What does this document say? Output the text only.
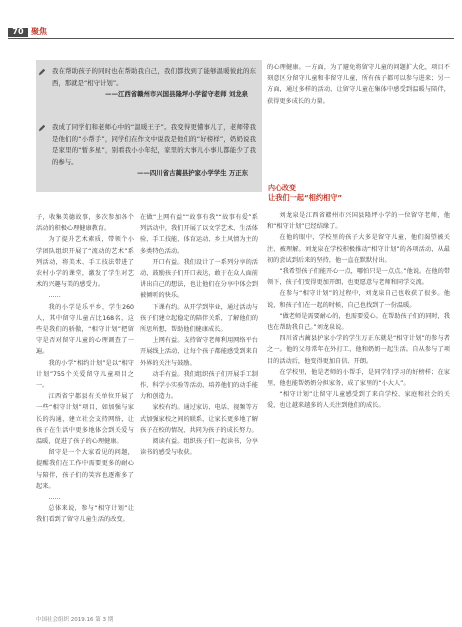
70 聚焦
我在帮助孩子的同时也在帮助我自己，我们都找到了能够温暖彼此的东西，那就是“相守计划”。
——江西省赣州市兴国县隆坪小学留守老师 刘龙泉
我成了同学们和老师心中的“温暖王子”。我变得更懂事儿了，老师带我是他们的“小帮手”，同学们在作文中说我是他们的“好榜样”，奶奶说我是家里的“暂多星”，别看我小小年纪，家里的大事儿小事儿都能少了我的参与。
——四川省古蔺县护家小学学生 万正东

子，收集美德故事，多次参加各个活动的积极心理健康教育。

为了提升艺术素质，带领个小学团队组织开展了“流动的艺术”系列活动，将美术、手工技法带进了农村小学的课堂，激发了学生对艺术的兴趣与美的感受力。

……

我的小学是乐平乡，学生260人，其中留守儿童占比168名，这些是我们的骄傲，“相守计划”把留守是否对留守儿童的心理调查了一遍。

我的小学“相约计划”是以“相守计划”755个关爱留守儿童项目之一。

江西省宁都县有关单位开展了一些“相守计划”项目，如加强与家长的沟通，建立社会支持网络，让孩子在生活中更多地体会到关爱与温暖，促进了孩子的心理健康。

留守是一个大家看见的问题，提醒我们在工作中需要更多的耐心与陪伴，孩子们的笑容也逐渐多了起来。

……

总体来说，参与“相守计划”让我们看到了留守儿童生活的改变。

在做“上网有益”“故事有我”“故事有爱”系列活动中，我们开展了以文学艺术、生活体验、手工技能、体育运动、乡土风情为主的多类特色活动。

开口有益。我们设计了一系列分享的活动，鼓励孩子们开口表达，敢于在众人面前讲出自己的想法，也让他们在分享中体会到被倾听的快乐。

下课有约。从开学到毕业，通过活动与孩子们建立起稳定的陪伴关系，了解他们的所思所想，帮助他们健康成长。

上网有益。支持留守老师利用网络平台开展线上活动，让每个孩子都能感受到来自外界的关注与鼓励。

动手有益。我们组织孩子们开展手工制作、科学小实验等活动，培养他们的动手能力和创造力。

家校有约。通过家访、电话、视频等方式加强家校之间的联系，让家长更多地了解孩子在校的情况，共同为孩子的成长努力。

阅读有益。组织孩子们一起读书，分享读书的感受与收获。

的心理健康。一方面，为了避免将留守儿童的问题扩大化，项目不刻意区分留守儿童和非留守儿童，所有孩子都可以参与进来；另一方面，通过多样的活动，让留守儿童在集体中感受到温暖与陪伴，获得更多成长的力量。

内心改变
让我们一起“相约相守”

刘龙泉是江西省赣州市兴国县隆坪小学的一位留守老师，他和“相守计划”已经结缘了。

在他的眼中，学校里的孩子大多是留守儿童，他们渴望被关注、被理解。刘龙泉在学校积极推动“相守计划”的各项活动，从最初的尝试到后来的坚持，他一直在默默付出。

“我希望孩子们能开心一点，哪怕只是一点点。”他说。在他的带领下，孩子们变得更加开朗，也更愿意与老师和同学交流。

在参与“相守计划”的过程中，刘龙泉自己也收获了很多。他说，和孩子们在一起的时候，自己也找到了一份温暖。

“做老师是需要耐心的，也需要爱心。在帮助孩子们的同时，我也在帮助我自己。”刘龙泉说。

四川省古蔺县护家小学的学生万正东就是“相守计划”的参与者之一。他的父母常年在外打工，他和奶奶一起生活。自从参与了项目的活动后，他变得更加自信、开朗。

在学校里，他是老师的小帮手，是同学们学习的好榜样；在家里，他也能帮奶奶分担家务，成了家里的“小大人”。

“相守计划”让留守儿童感受到了来自学校、家庭和社会的关爱，也让越来越多的人关注到他们的成长。

中国社会组织 2019.16 第 3 期
